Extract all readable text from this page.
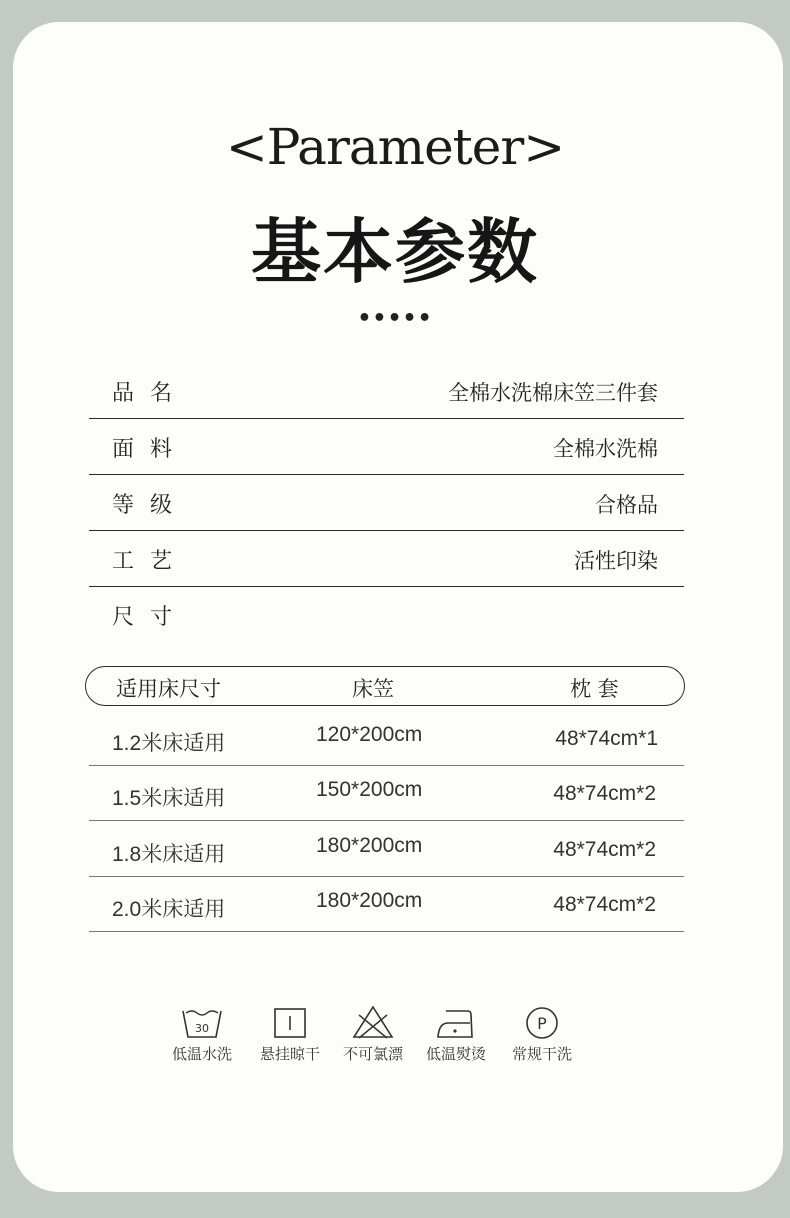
<Parameter>
基本参数
•••••
品名	全棉水洗棉床笠三件套
面料	全棉水洗棉
等级	合格品
工艺	活性印染
尺寸
适用床尺寸	床笠	枕 套
1.2米床适用	120*200cm	48*74cm*1
1.5米床适用	150*200cm	48*74cm*2
1.8米床适用	180*200cm	48*74cm*2
2.0米床适用	180*200cm	48*74cm*2
30
低温水洗	悬挂晾干	不可氯漂	低温熨烫
P
常规干洗
